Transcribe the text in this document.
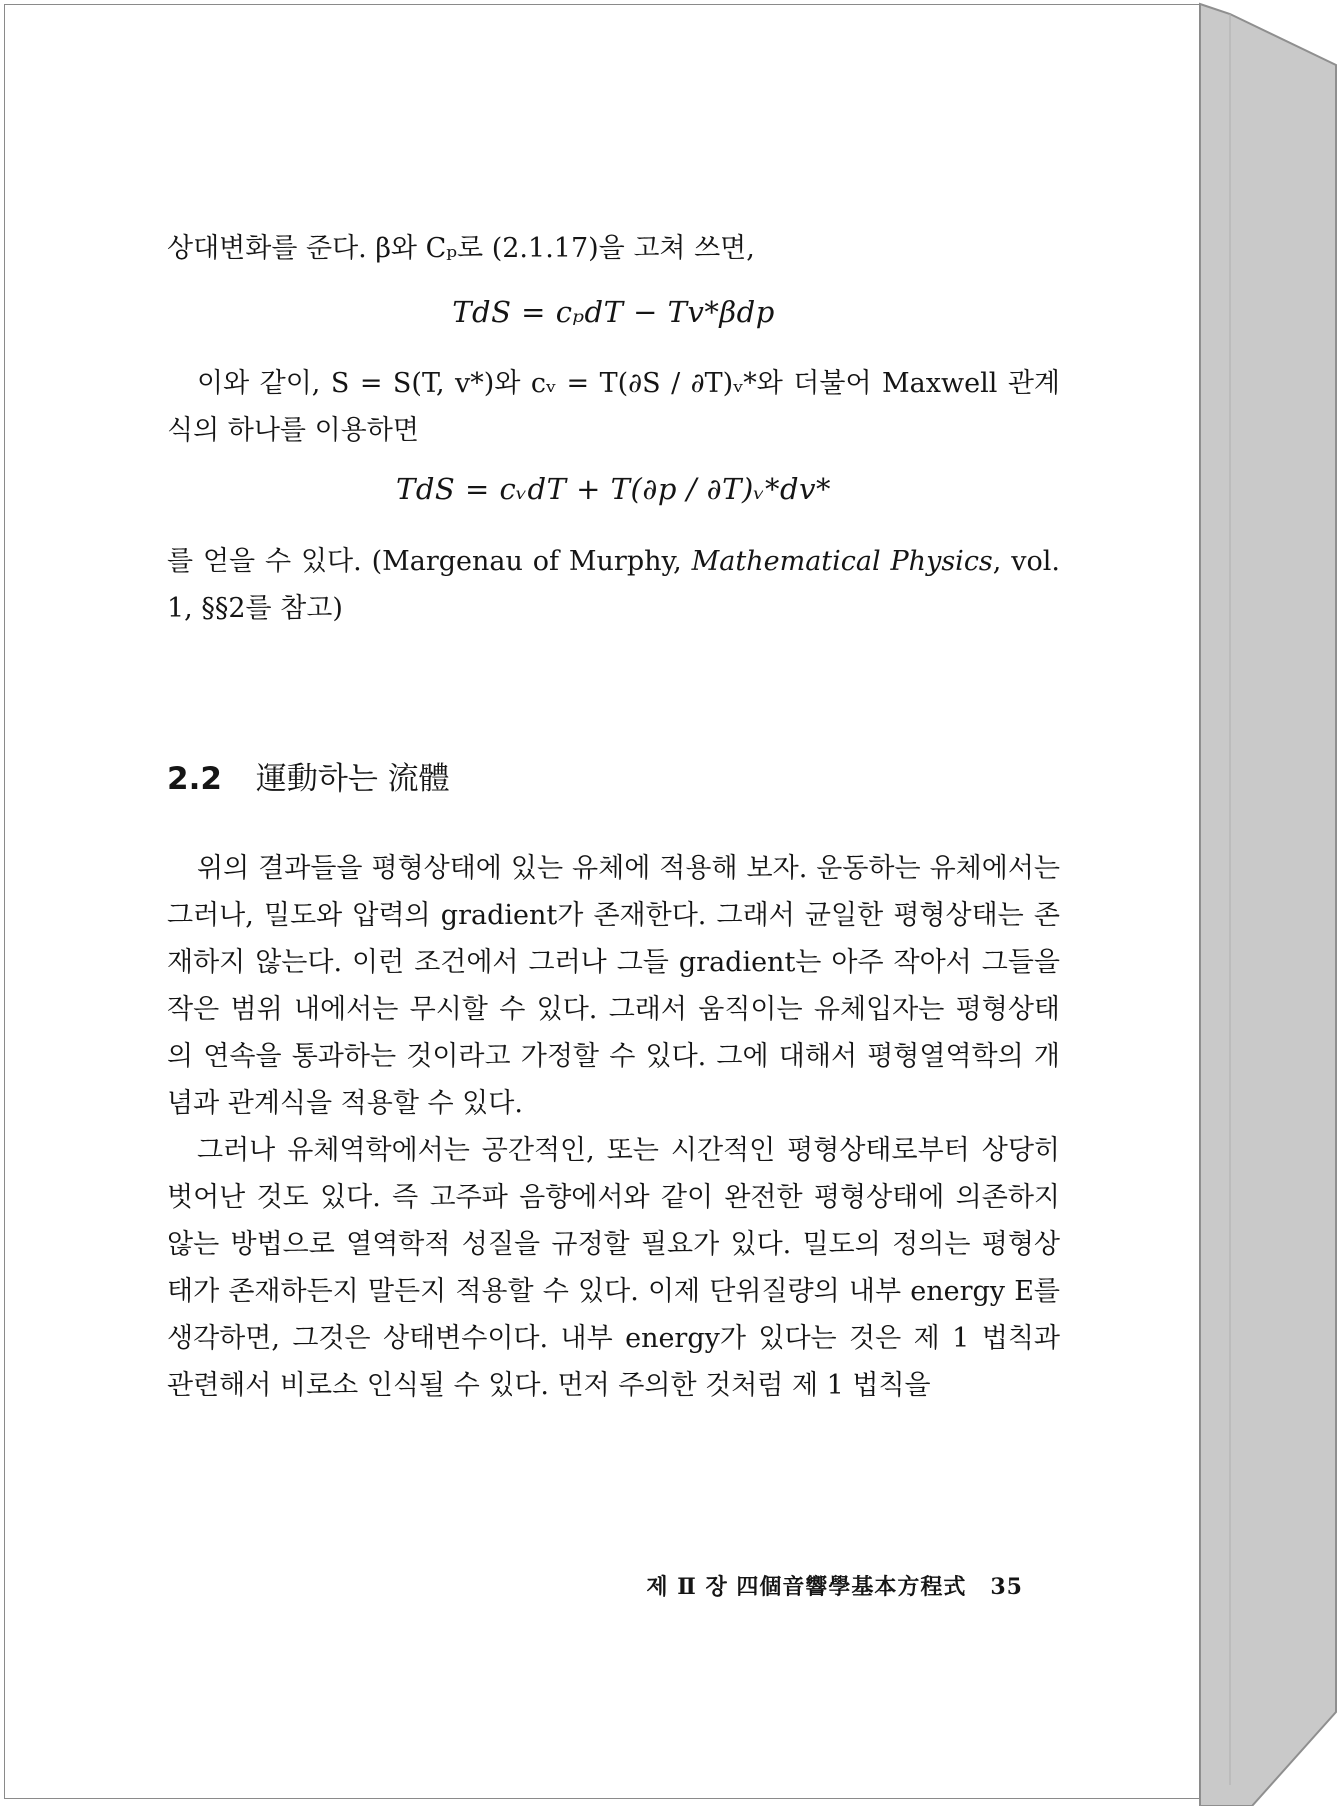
상대변화를 준다. β와 Cₚ로 (2.1.17)을 고쳐 쓰면,

TdS = cₚdT − Tv*βdp

이와 같이, S = S(T, v*)와 cᵥ = T(∂S / ∂T)ᵥ*와 더불어 Maxwell 관계식의 하나를 이용하면

TdS = cᵥdT + T(∂p / ∂T)ᵥ*dv*

를 얻을 수 있다. (Margenau of Murphy, Mathematical Physics, vol. 1, §§2를 참고)

2.2 運動하는 流體

위의 결과들을 평형상태에 있는 유체에 적용해 보자. 운동하는 유체에서는 그러나, 밀도와 압력의 gradient가 존재한다. 그래서 균일한 평형상태는 존재하지 않는다. 이런 조건에서 그러나 그들 gradient는 아주 작아서 그들을 작은 범위 내에서는 무시할 수 있다. 그래서 움직이는 유체입자는 평형상태의 연속을 통과하는 것이라고 가정할 수 있다. 그에 대해서 평형열역학의 개념과 관계식을 적용할 수 있다.

그러나 유체역학에서는 공간적인, 또는 시간적인 평형상태로부터 상당히 벗어난 것도 있다. 즉 고주파 음향에서와 같이 완전한 평형상태에 의존하지 않는 방법으로 열역학적 성질을 규정할 필요가 있다. 밀도의 정의는 평형상태가 존재하든지 말든지 적용할 수 있다. 이제 단위질량의 내부 energy E를 생각하면, 그것은 상태변수이다. 내부 energy가 있다는 것은 제 1 법칙과 관련해서 비로소 인식될 수 있다. 먼저 주의한 것처럼 제 1 법칙을

제 Ⅱ 장 四個音響學基本方程式 35
